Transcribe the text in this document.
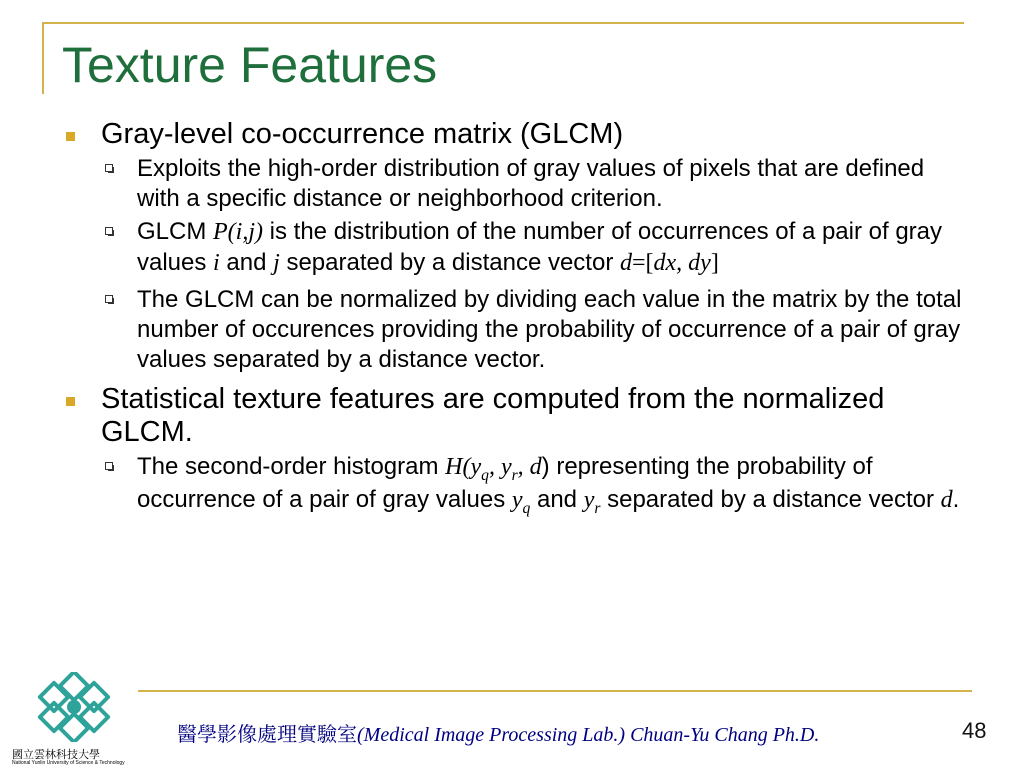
Texture Features
Gray-level co-occurrence matrix (GLCM)
Exploits the high-order distribution of gray values of pixels that are defined with a specific distance or neighborhood criterion.
GLCM P(i,j) is the distribution of the number of occurrences of a pair of gray values i and j separated by a distance vector d=[dx, dy]
The GLCM can be normalized by dividing each value in the matrix by the total number of occurences providing the probability of occurrence of a pair of gray values separated by a distance vector.
Statistical texture features are computed from the normalized GLCM.
The second-order histogram $H(y_q$, $y_r$, d) representing the probability of occurrence of a pair of gray values $y_q$ and $y_r$ separated by a distance vector d.
醫學影像處理實驗室(Medical Image Processing Lab.) Chuan-Yu Chang Ph.D.	48
國立雲林科技大學
National Yunlin University of Science & Technology
